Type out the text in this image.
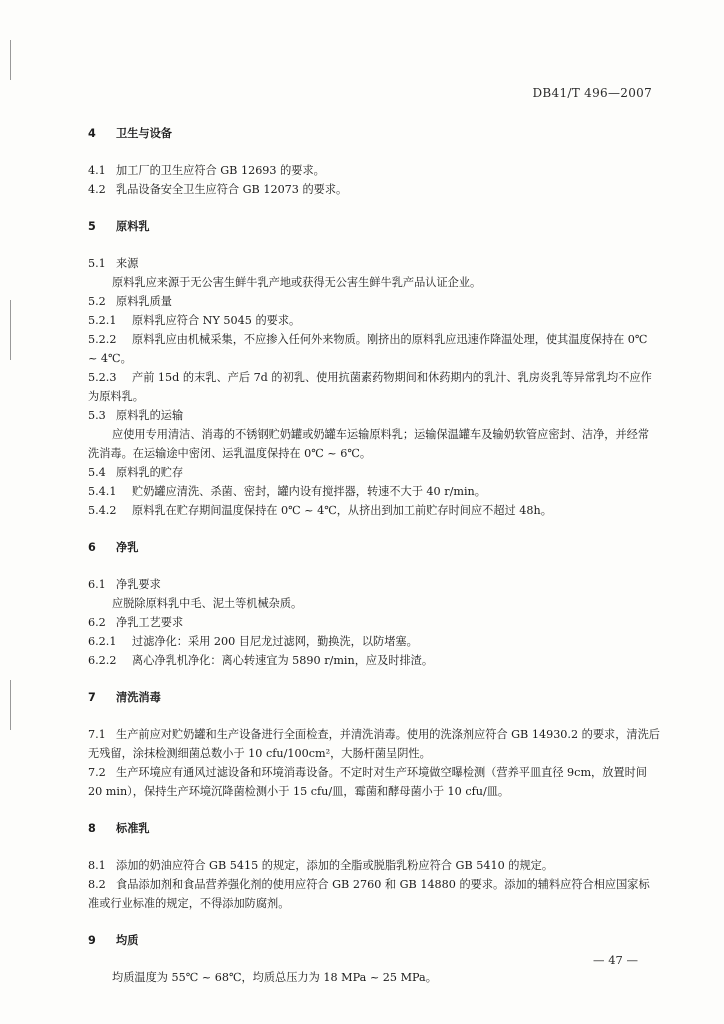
DB41/T 496—2007
4 卫生与设备
4.1 加工厂的卫生应符合 GB 12693 的要求。
4.2 乳品设备安全卫生应符合 GB 12073 的要求。
5 原料乳
5.1 来源
原料乳应来源于无公害生鲜牛乳产地或获得无公害生鲜牛乳产品认证企业。
5.2 原料乳质量
5.2.1 原料乳应符合 NY 5045 的要求。
5.2.2 原料乳应由机械采集，不应掺入任何外来物质。刚挤出的原料乳应迅速作降温处理，使其温度保持在 0℃ ~ 4℃。
5.2.3 产前 15d 的末乳、产后 7d 的初乳、使用抗菌素药物期间和休药期内的乳汁、乳房炎乳等异常乳均不应作为原料乳。
5.3 原料乳的运输
应使用专用清洁、消毒的不锈钢贮奶罐或奶罐车运输原料乳；运输保温罐车及输奶软管应密封、洁净，并经常洗消毒。在运输途中密闭、运乳温度保持在 0℃ ~ 6℃。
5.4 原料乳的贮存
5.4.1 贮奶罐应清洗、杀菌、密封，罐内设有搅拌器，转速不大于 40 r/min。
5.4.2 原料乳在贮存期间温度保持在 0℃ ~ 4℃，从挤出到加工前贮存时间应不超过 48h。
6 净乳
6.1 净乳要求
应脱除原料乳中毛、泥土等机械杂质。
6.2 净乳工艺要求
6.2.1 过滤净化：采用 200 目尼龙过滤网，勤换洗，以防堵塞。
6.2.2 离心净乳机净化：离心转速宜为 5890 r/min，应及时排渣。
7 清洗消毒
7.1 生产前应对贮奶罐和生产设备进行全面检查，并清洗消毒。使用的洗涤剂应符合 GB 14930.2 的要求，清洗后无残留，涂抹检测细菌总数小于 10 cfu/100cm²，大肠杆菌呈阴性。
7.2 生产环境应有通风过滤设备和环境消毒设备。不定时对生产环境做空曝检测（营养平皿直径 9cm，放置时间 20 min），保持生产环境沉降菌检测小于 15 cfu/皿，霉菌和酵母菌小于 10 cfu/皿。
8 标准乳
8.1 添加的奶油应符合 GB 5415 的规定，添加的全脂或脱脂乳粉应符合 GB 5410 的规定。
8.2 食品添加剂和食品营养强化剂的使用应符合 GB 2760 和 GB 14880 的要求。添加的辅料应符合相应国家标准或行业标准的规定，不得添加防腐剂。
9 均质
均质温度为 55℃ ~ 68℃，均质总压力为 18 MPa ~ 25 MPa。
— 47 —
